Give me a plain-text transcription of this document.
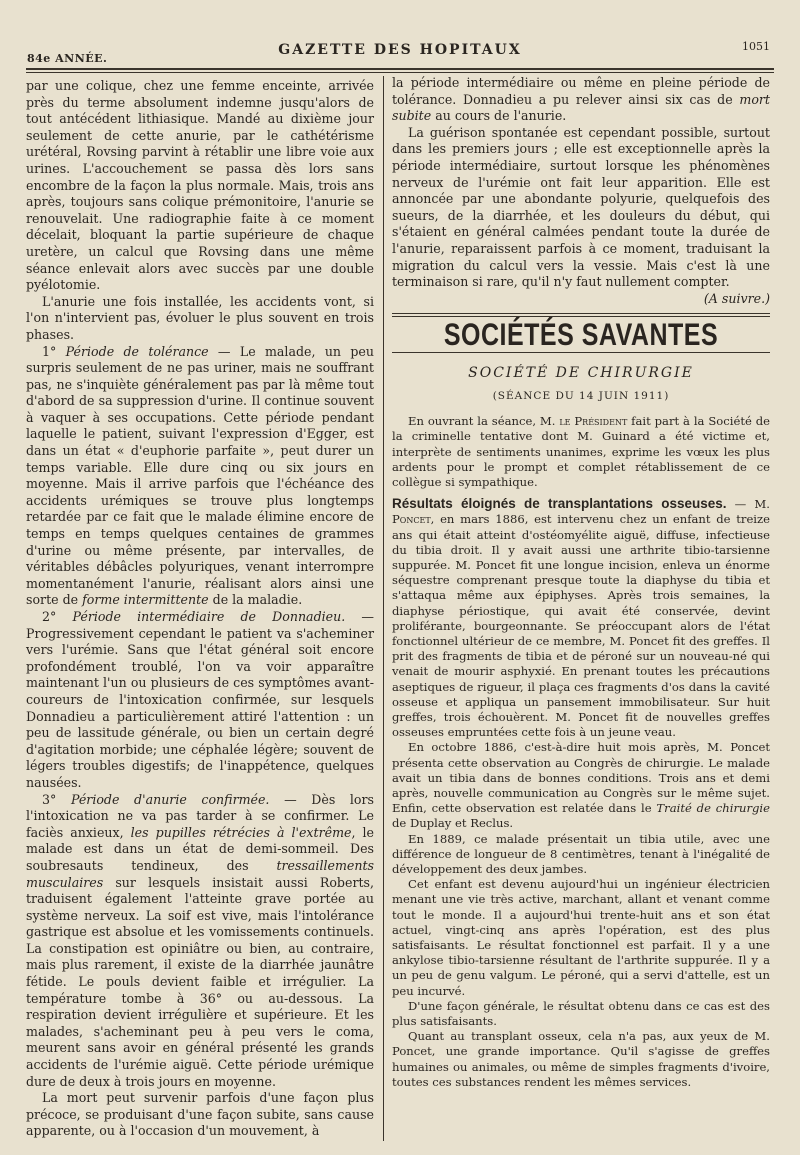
84e ANNÉE.
GAZETTE DES HOPITAUX	1051

par une colique, chez une femme enceinte, arrivée près du terme absolument indemne jusqu'alors de tout antécédent lithiasique. Mandé au dixième jour seulement de cette anurie, par le cathétérisme urétéral, Rovsing parvint à rétablir une libre voie aux urines. L'accouchement se passa dès lors sans encombre de la façon la plus normale. Mais, trois ans après, toujours sans colique prémonitoire, l'anurie se renouvelait. Une radiographie faite à ce moment décelait, bloquant la partie supérieure de chaque uretère, un calcul que Rovsing dans une même séance enlevait alors avec succès par une double pyélotomie.

L'anurie une fois installée, les accidents vont, si l'on n'intervient pas, évoluer le plus souvent en trois phases.

1° Période de tolérance — Le malade, un peu surpris seulement de ne pas uriner, mais ne souffrant pas, ne s'inquiète généralement pas par là même tout d'abord de sa suppression d'urine. Il continue souvent à vaquer à ses occupations. Cette période pendant laquelle le patient, suivant l'expression d'Egger, est dans un état « d'euphorie parfaite », peut durer un temps variable. Elle dure cinq ou six jours en moyenne. Mais il arrive parfois que l'échéance des accidents urémiques se trouve plus longtemps retardée par ce fait que le malade élimine encore de temps en temps quelques centaines de grammes d'urine ou même présente, par intervalles, de véritables débâcles polyuriques, venant interrompre momentanément l'anurie, réalisant alors ainsi une sorte de forme intermittente de la maladie.

2° Période intermédiaire de Donnadieu. — Progressivement cependant le patient va s'acheminer vers l'urémie. Sans que l'état général soit encore profondément troublé, l'on va voir apparaître maintenant l'un ou plusieurs de ces symptômes avant-coureurs de l'intoxication confirmée, sur lesquels Donnadieu a particulièrement attiré l'attention : un peu de lassitude générale, ou bien un certain degré d'agitation morbide; une céphalée légère; souvent de légers troubles digestifs; de l'inappétence, quelques nausées.

3° Période d'anurie confirmée. — Dès lors l'intoxication ne va pas tarder à se confirmer. Le faciès anxieux, les pupilles rétrécies à l'extrême, le malade est dans un état de demi-sommeil. Des soubresauts tendineux, des tressaillements musculaires sur lesquels insistait aussi Roberts, traduisent également l'atteinte grave portée au système nerveux. La soif est vive, mais l'intolérance gastrique est absolue et les vomissements continuels. La constipation est opiniâtre ou bien, au contraire, mais plus rarement, il existe de la diarrhée jaunâtre fétide. Le pouls devient faible et irrégulier. La température tombe à 36° ou au-dessous. La respiration devient irrégulière et supérieure. Et les malades, s'acheminant peu à peu vers le coma, meurent sans avoir en général présenté les grands accidents de l'urémie aiguë. Cette période urémique dure de deux à trois jours en moyenne.

La mort peut survenir parfois d'une façon plus précoce, se produisant d'une façon subite, sans cause apparente, ou à l'occasion d'un mouvement, à

la période intermédiaire ou même en pleine période de tolérance. Donnadieu a pu relever ainsi six cas de mort subite au cours de l'anurie.

La guérison spontanée est cependant possible, surtout dans les premiers jours ; elle est exceptionnelle après la période intermédiaire, surtout lorsque les phénomènes nerveux de l'urémie ont fait leur apparition. Elle est annoncée par une abondante polyurie, quelquefois des sueurs, de la diarrhée, et les douleurs du début, qui s'étaient en général calmées pendant toute la durée de l'anurie, reparaissent parfois à ce moment, traduisant la migration du calcul vers la vessie. Mais c'est là une terminaison si rare, qu'il n'y faut nullement compter.

(A suivre.)

SOCIÉTÉS SAVANTES
SOCIÉTÉ DE CHIRURGIE
(SÉANCE DU 14 JUIN 1911)

En ouvrant la séance, M. le Président fait part à la Société de la criminelle tentative dont M. Guinard a été victime et, interprète de sentiments unanimes, exprime les vœux les plus ardents pour le prompt et complet rétablissement de ce collègue si sympathique.

Résultats éloignés de transplantations osseuses. — M. Poncet, en mars 1886, est intervenu chez un enfant de treize ans qui était atteint d'ostéomyélite aiguë, diffuse, infectieuse du tibia droit. Il y avait aussi une arthrite tibio-tarsienne suppurée. M. Poncet fit une longue incision, enleva un énorme séquestre comprenant presque toute la diaphyse du tibia et s'attaqua même aux épiphyses. Après trois semaines, la diaphyse périostique, qui avait été conservée, devint proliférante, bourgeonnante. Se préoccupant alors de l'état fonctionnel ultérieur de ce membre, M. Poncet fit des greffes. Il prit des fragments de tibia et de péroné sur un nouveau-né qui venait de mourir asphyxié. En prenant toutes les précautions aseptiques de rigueur, il plaça ces fragments d'os dans la cavité osseuse et appliqua un pansement immobilisateur. Sur huit greffes, trois échouèrent. M. Poncet fit de nouvelles greffes osseuses empruntées cette fois à un jeune veau.

En octobre 1886, c'est-à-dire huit mois après, M. Poncet présenta cette observation au Congrès de chirurgie. Le malade avait un tibia dans de bonnes conditions. Trois ans et demi après, nouvelle communication au Congrès sur le même sujet. Enfin, cette observation est relatée dans le Traité de chirurgie de Duplay et Reclus.

En 1889, ce malade présentait un tibia utile, avec une différence de longueur de 8 centimètres, tenant à l'inégalité de développement des deux jambes.

Cet enfant est devenu aujourd'hui un ingénieur électricien menant une vie très active, marchant, allant et venant comme tout le monde. Il a aujourd'hui trente-huit ans et son état actuel, vingt-cinq ans après l'opération, est des plus satisfaisants. Le résultat fonctionnel est parfait. Il y a une ankylose tibio-tarsienne résultant de l'arthrite suppurée. Il y a un peu de genu valgum. Le péroné, qui a servi d'attelle, est un peu incurvé.

D'une façon générale, le résultat obtenu dans ce cas est des plus satisfaisants.

Quant au transplant osseux, cela n'a pas, aux yeux de M. Poncet, une grande importance. Qu'il s'agisse de greffes humaines ou animales, ou même de simples fragments d'ivoire, toutes ces substances rendent les mêmes services.
